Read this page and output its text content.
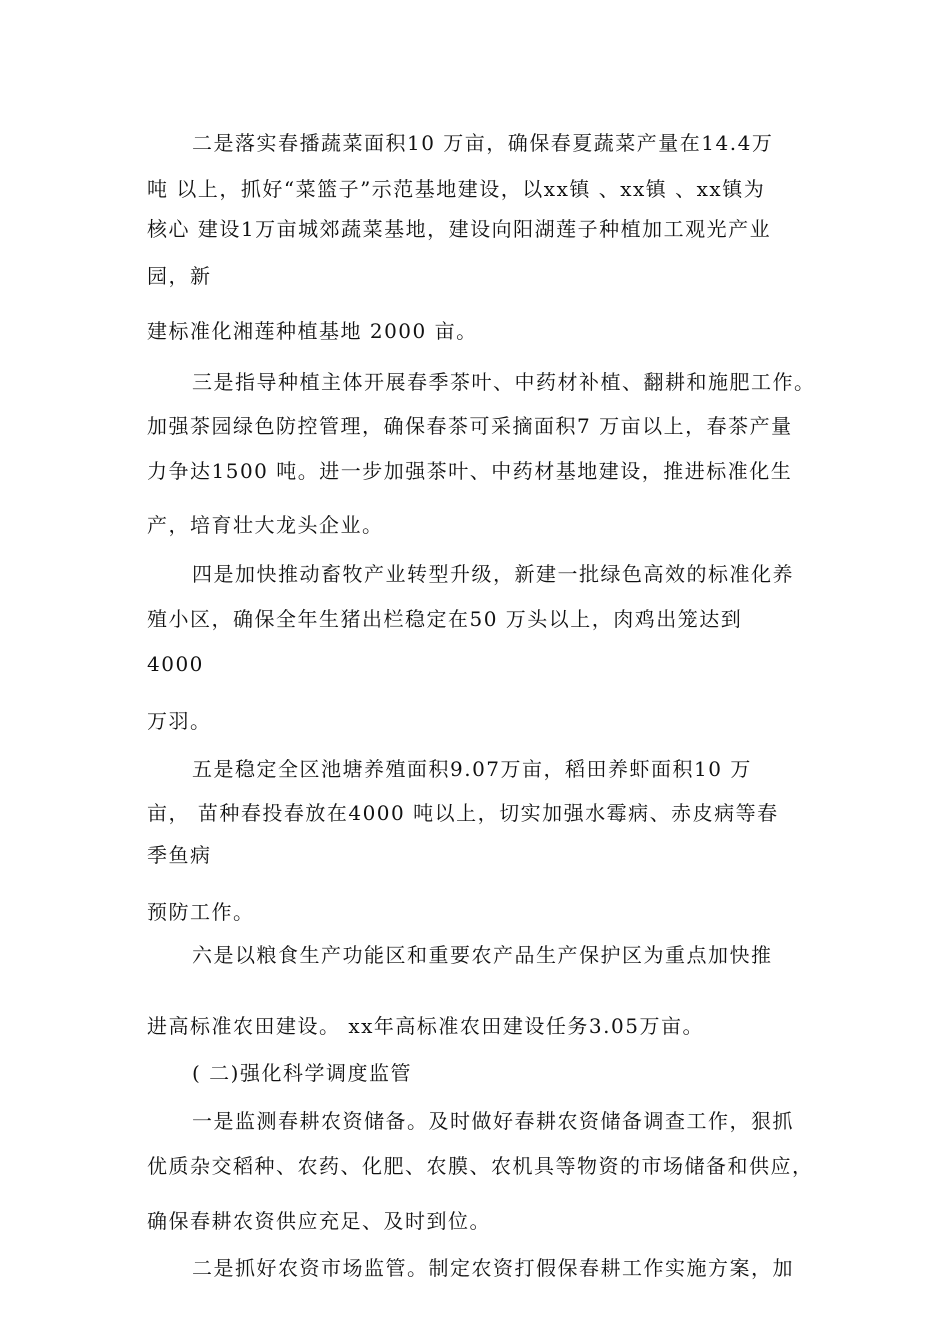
二是落实春播蔬菜面积10 万亩，确保春夏蔬菜产量在14.4万
吨 以上，抓好“菜篮子”示范基地建设，以xx镇 、xx镇 、xx镇为
核心 建设1万亩城郊蔬菜基地，建设向阳湖莲子种植加工观光产业
园，新
建标准化湘莲种植基地 2000 亩。
三是指导种植主体开展春季茶叶、中药材补植、翻耕和施肥工作。
加强茶园绿色防控管理，确保春茶可采摘面积7 万亩以上，春茶产量
力争达1500 吨。进一步加强茶叶、中药材基地建设，推进标准化生
产，培育壮大龙头企业。
四是加快推动畜牧产业转型升级，新建一批绿色高效的标准化养
殖小区，确保全年生猪出栏稳定在50 万头以上，肉鸡出笼达到
4000
万羽。
五是稳定全区池塘养殖面积9.07万亩，稻田养虾面积10 万
亩， 苗种春投春放在4000 吨以上，切实加强水霉病、赤皮病等春
季鱼病
预防工作。
六是以粮食生产功能区和重要农产品生产保护区为重点加快推
进高标准农田建设。 xx年高标准农田建设任务3.05万亩。
( 二)强化科学调度监管
一是监测春耕农资储备。及时做好春耕农资储备调查工作，狠抓
优质杂交稻种、农药、化肥、农膜、农机具等物资的市场储备和供应，
确保春耕农资供应充足、及时到位。
二是抓好农资市场监管。制定农资打假保春耕工作实施方案，加
